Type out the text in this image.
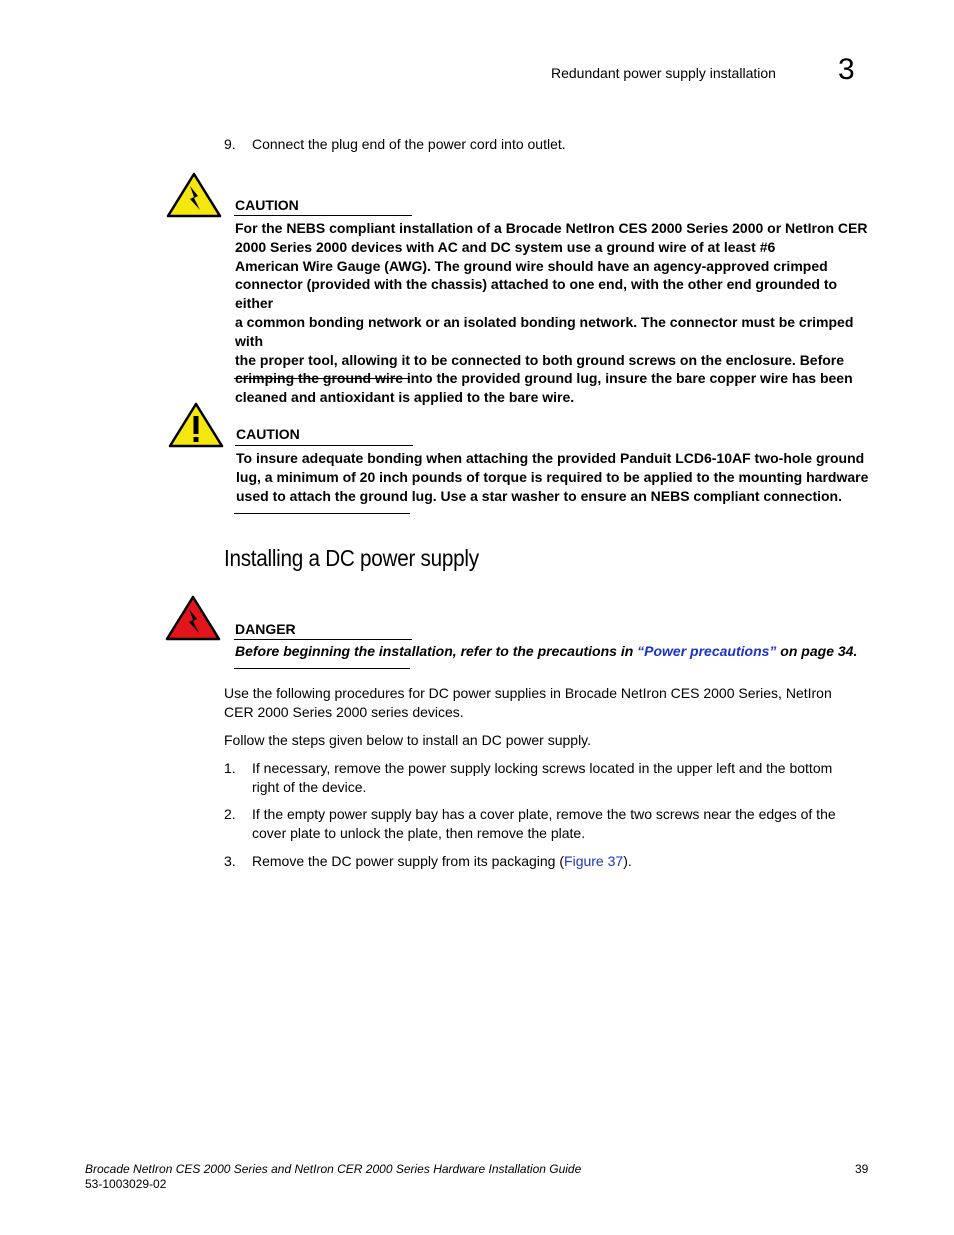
Redundant power supply installation 3
9. Connect the plug end of the power cord into outlet.
CAUTION
For the NEBS compliant installation of a Brocade NetIron CES 2000 Series 2000 or NetIron CER
2000 Series 2000 devices with AC and DC system use a ground wire of at least #6
American Wire Gauge (AWG). The ground wire should have an agency-approved crimped
connector (provided with the chassis) attached to one end, with the other end grounded to either
a common bonding network or an isolated bonding network. The connector must be crimped with
the proper tool, allowing it to be connected to both ground screws on the enclosure. Before
crimping the ground wire into the provided ground lug, insure the bare copper wire has been
cleaned and antioxidant is applied to the bare wire.
CAUTION
To insure adequate bonding when attaching the provided Panduit LCD6-10AF two-hole ground
lug, a minimum of 20 inch pounds of torque is required to be applied to the mounting hardware
used to attach the ground lug. Use a star washer to ensure an NEBS compliant connection.
Installing a DC power supply
DANGER
Before beginning the installation, refer to the precautions in “Power precautions” on page 34.
Use the following procedures for DC power supplies in Brocade NetIron CES 2000 Series, NetIron
CER 2000 Series 2000 series devices.
Follow the steps given below to install an DC power supply.
1. If necessary, remove the power supply locking screws located in the upper left and the bottom
right of the device.
2. If the empty power supply bay has a cover plate, remove the two screws near the edges of the
cover plate to unlock the plate, then remove the plate.
3. Remove the DC power supply from its packaging (Figure 37).
Brocade NetIron CES 2000 Series and NetIron CER 2000 Series Hardware Installation Guide
53-1003029-02
39
